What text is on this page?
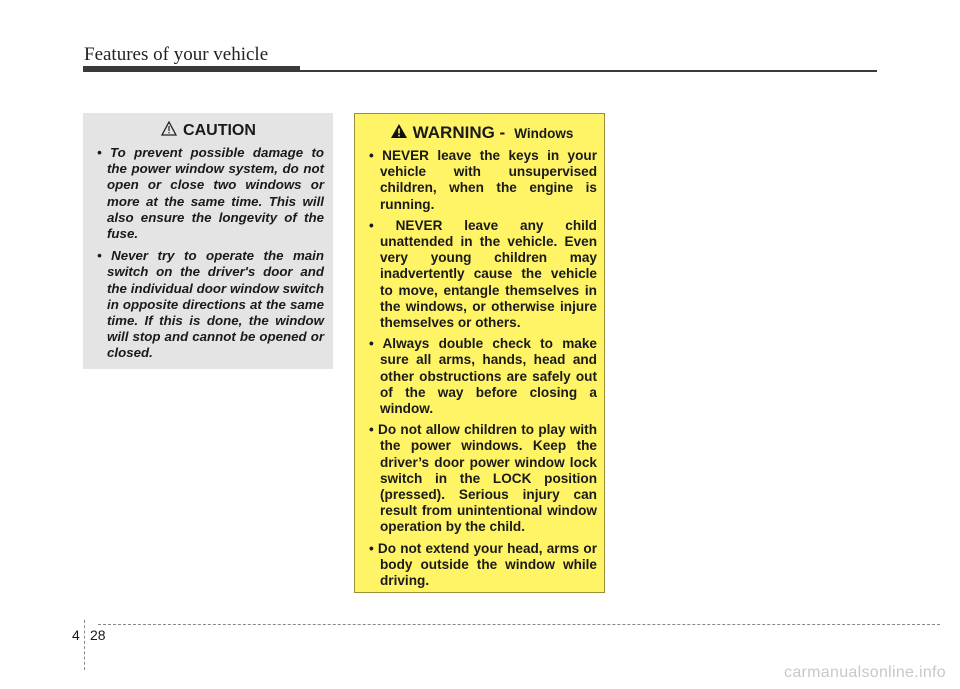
Features of your vehicle
CAUTION
• To prevent possible damage to the power window system, do not open or close two windows or more at the same time. This will also ensure the longevity of the fuse.
• Never try to operate the main switch on the driver's door and the individual door window switch in opposite directions at the same time. If this is done, the window will stop and cannot be opened or closed.
WARNING - Windows
• NEVER leave the keys in your vehicle with unsupervised children, when the engine is running.
• NEVER leave any child unattended in the vehicle. Even very young children may inadvertently cause the vehicle to move, entangle themselves in the windows, or otherwise injure themselves or others.
• Always double check to make sure all arms, hands, head and other obstructions are safely out of the way before closing a window.
• Do not allow children to play with the power windows. Keep the driver’s door power window lock switch in the LOCK position (pressed). Serious injury can result from unintentional window operation by the child.
• Do not extend your head, arms or body outside the window while driving.
4 28
carmanualsonline.info
